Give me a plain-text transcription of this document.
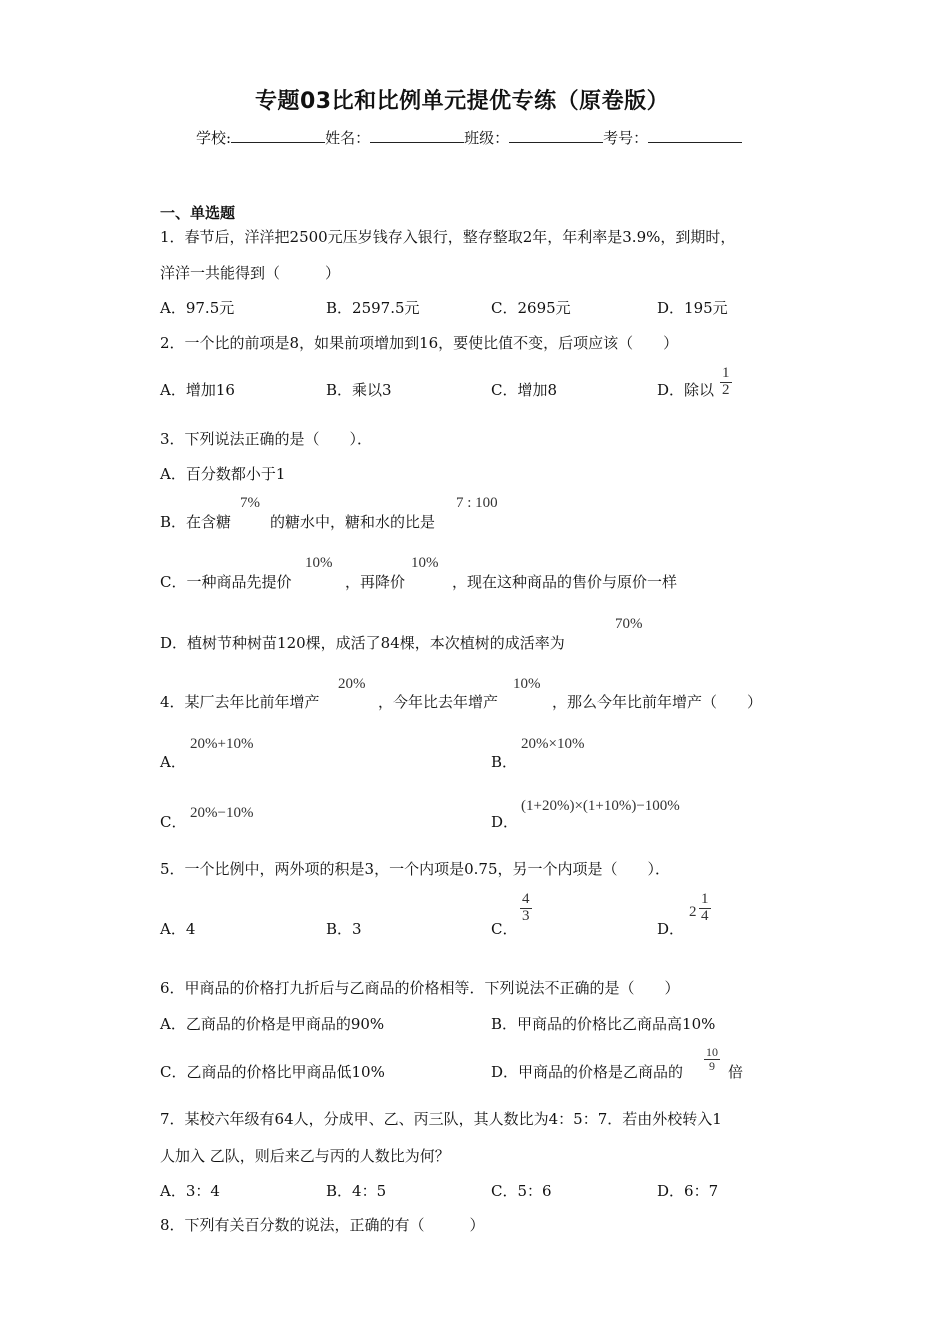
专题03比和比例单元提优专练（原卷版）
学校:	姓名：	班级：	考号：
一、单选题
1．春节后，洋洋把2500元压岁钱存入银行，整存整取2年，年利率是3.9%，到期时，
洋洋一共能得到（　　　）
A．97.5元	B．2597.5元	C．2695元	D．195元
2．一个比的前项是8，如果前项增加到16，要使比值不变，后项应该（　　）
A．增加16	B．乘以3	C．增加8	D．除以 $\frac{1}{2}$
3．下列说法正确的是（　　）．
A．百分数都小于1
B．在含糖
7%
的糖水中，糖和水的比是
7 : 100
C．一种商品先提价
10%
，再降价
10%
，现在这种商品的售价与原价一样
D．植树节种树苗120棵，成活了84棵，本次植树的成活率为
70%
4．某厂去年比前年增产
20%
，今年比去年增产
10%
，那么今年比前年增产（　　）
A．
20%+10%
B．
20%×10%
C． 20%−10%	D．
(1+20%)×(1+10%)−100%
5．一个比例中，两外项的积是3，一个内项是0.75，另一个内项是（　　）．
A．4	B．3	C．
$\frac{4}{3}$
D．
$2 \frac{1}{4}$
6．甲商品的价格打九折后与乙商品的价格相等．下列说法不正确的是（　　）
A．乙商品的价格是甲商品的90%	B．甲商品的价格比乙商品高10%
C．乙商品的价格比甲商品低10%	D．甲商品的价格是乙商品的 $\frac{10}{9}$ 倍
7．某校六年级有64人，分成甲、乙、丙三队，其人数比为4：5：7．若由外校转入1
人加入 乙队，则后来乙与丙的人数比为何？
A．3：4	B．4：5	C．5：6	D．6：7
8．下列有关百分数的说法，正确的有（　　　）
